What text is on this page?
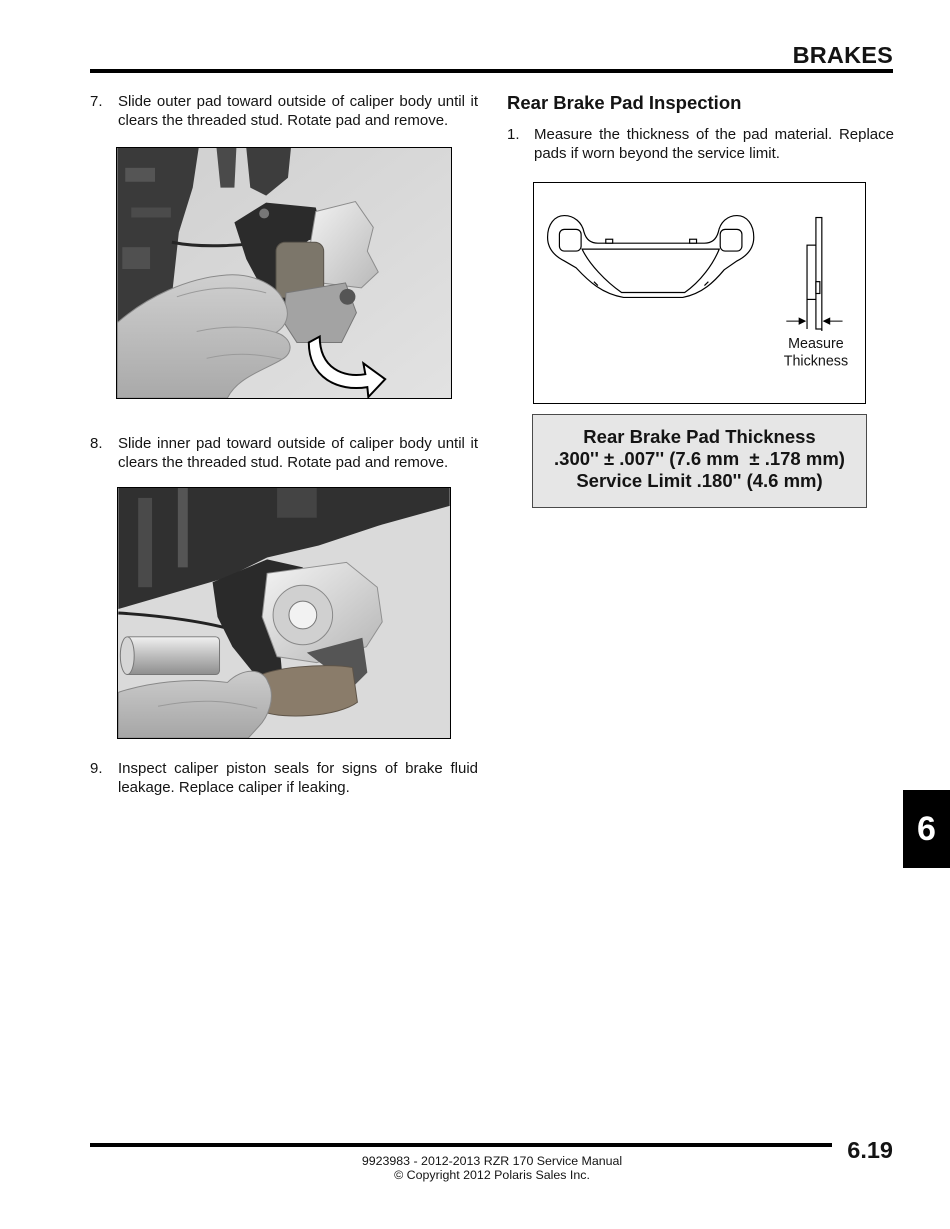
BRAKES
7. Slide outer pad toward outside of caliper body until it clears the threaded stud. Rotate pad and remove.
8. Slide inner pad toward outside of caliper body until it clears the threaded stud. Rotate pad and remove.
9. Inspect caliper piston seals for signs of brake fluid leakage. Replace caliper if leaking.
Rear Brake Pad Inspection
1. Measure the thickness of the pad material. Replace pads if worn beyond the service limit.
Measure
Thickness
Rear Brake Pad Thickness
.300'' ± .007'' (7.6 mm  ± .178 mm)
Service Limit .180'' (4.6 mm)
6
6.19
9923983 - 2012-2013 RZR 170 Service Manual
© Copyright 2012 Polaris Sales Inc.
